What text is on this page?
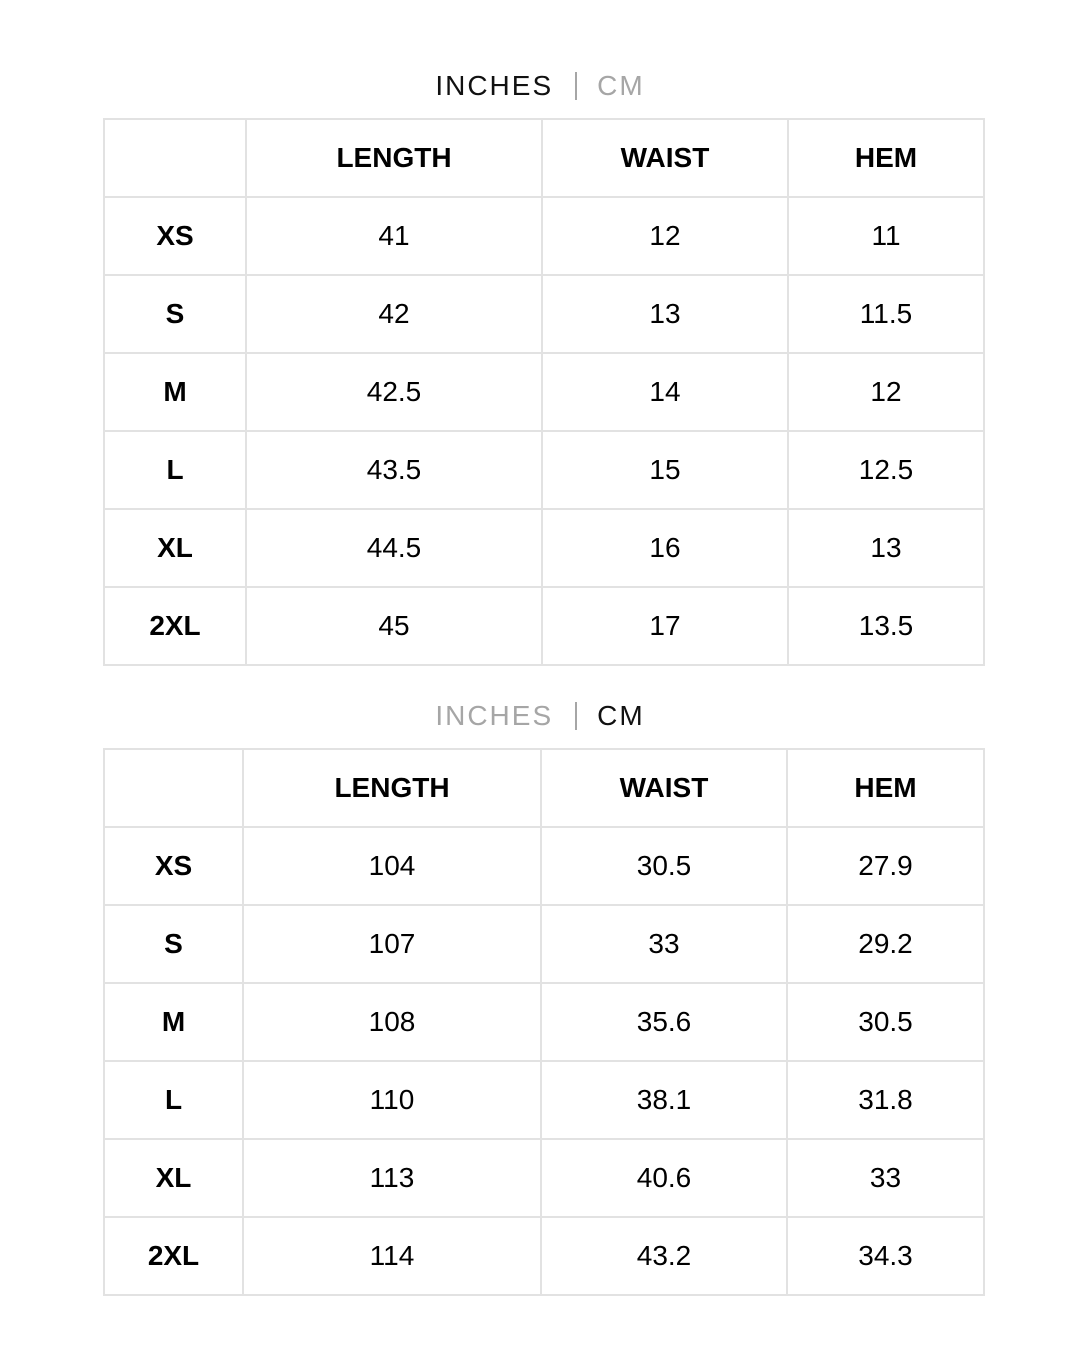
INCHES CM
	LENGTH	WAIST	HEM
XS	41	12	11
S	42	13	11.5
M	42.5	14	12
L	43.5	15	12.5
XL	44.5	16	13
2XL	45	17	13.5
INCHES CM
	LENGTH	WAIST	HEM
XS	104	30.5	27.9
S	107	33	29.2
M	108	35.6	30.5
L	110	38.1	31.8
XL	113	40.6	33
2XL	114	43.2	34.3
